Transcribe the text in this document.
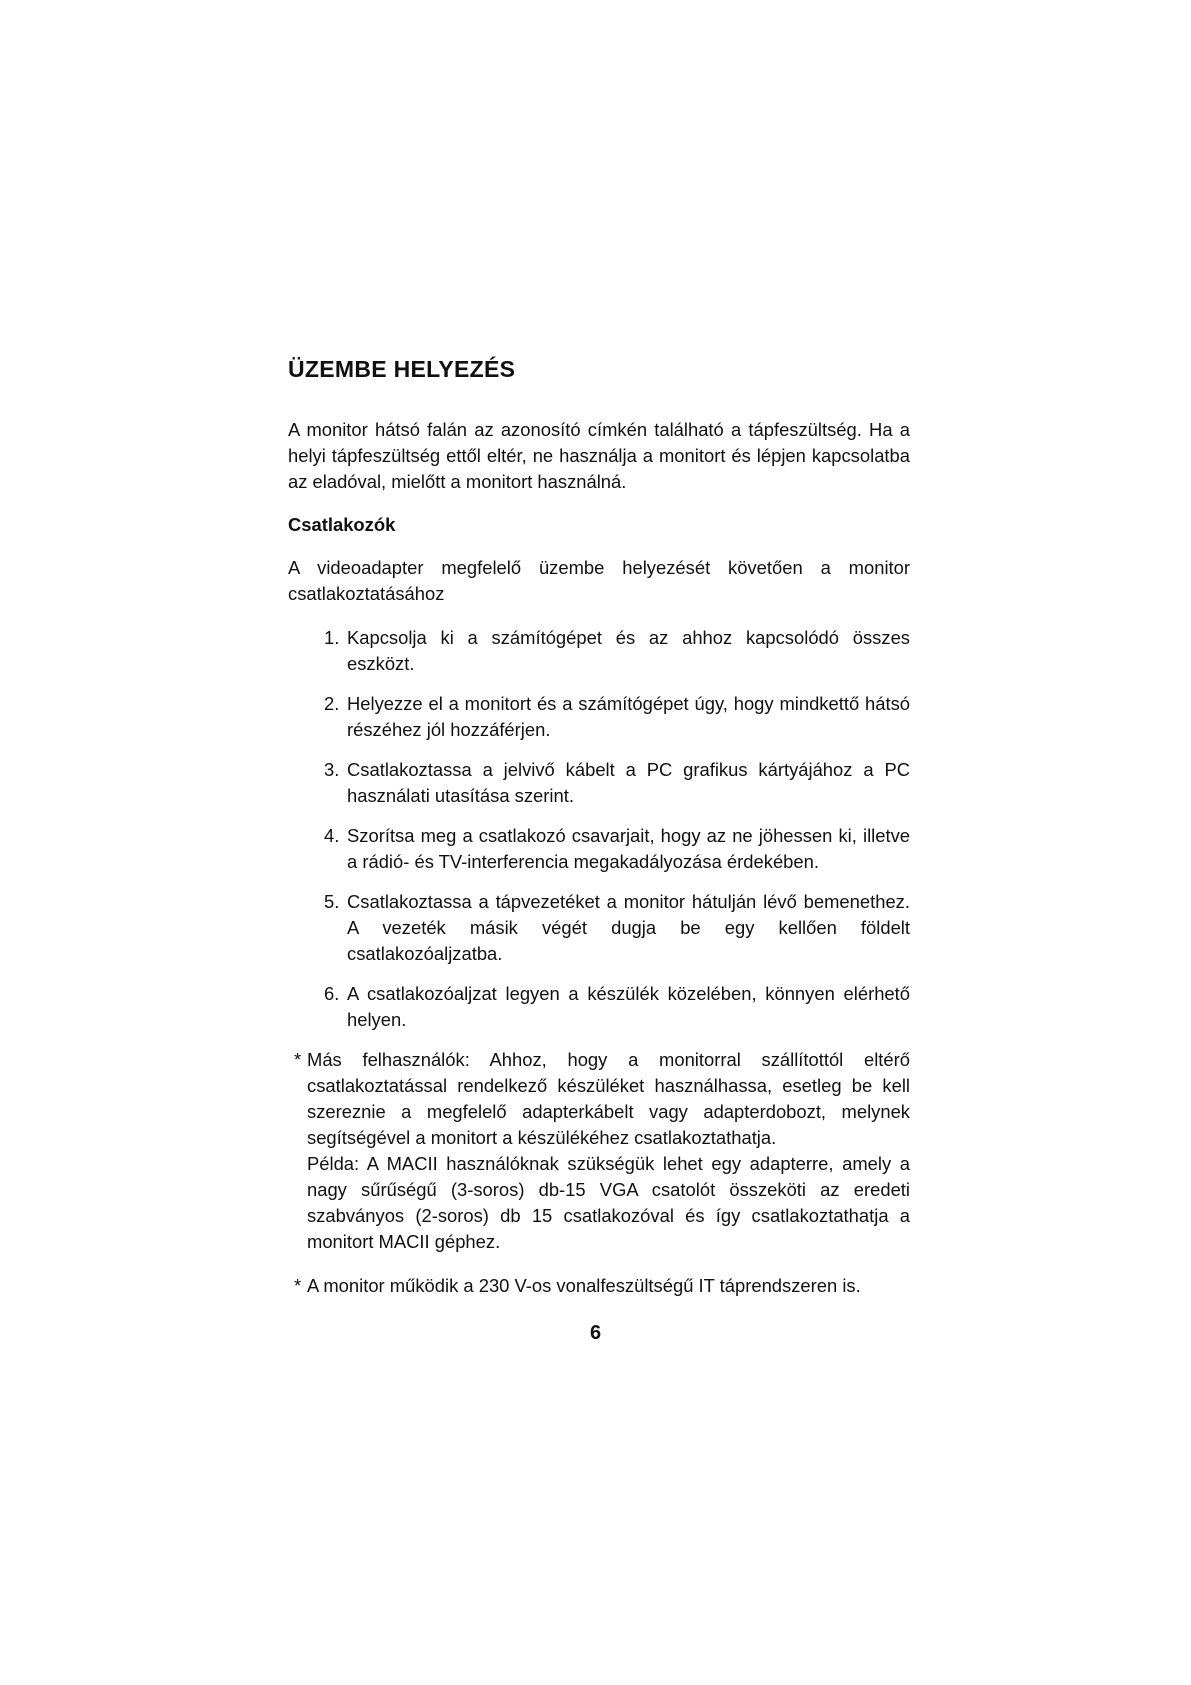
ÜZEMBE HELYEZÉS

A monitor hátsó falán az azonosító címkén található a tápfeszültség. Ha a helyi tápfeszültség ettől eltér, ne használja a monitort és lépjen kapcsolatba az eladóval, mielőtt a monitort használná.

Csatlakozók

A videoadapter megfelelő üzembe helyezését követően a monitor csatlakoztatásához

1. Kapcsolja ki a számítógépet és az ahhoz kapcsolódó összes eszközt.
2. Helyezze el a monitort és a számítógépet úgy, hogy mindkettő hátsó részéhez jól hozzáférjen.
3. Csatlakoztassa a jelvivő kábelt a PC grafikus kártyájához a PC használati utasítása szerint.
4. Szorítsa meg a csatlakozó csavarjait, hogy az ne jöhessen ki, illetve a rádió- és TV-interferencia megakadályozása érdekében.
5. Csatlakoztassa a tápvezetéket a monitor hátulján lévő bemenethez. A vezeték másik végét dugja be egy kellően földelt csatlakozóaljzatba.
6. A csatlakozóaljzat legyen a készülék közelében, könnyen elérhető helyen.
* Más felhasználók: Ahhoz, hogy a monitorral szállítottól eltérő csatlakoztatással rendelkező készüléket használhassa, esetleg be kell szereznie a megfelelő adapterkábelt vagy adapterdobozt, melynek segítségével a monitort a készülékéhez csatlakoztathatja.
Példa: A MACII használóknak szükségük lehet egy adapterre, amely a nagy sűrűségű (3-soros) db-15 VGA csatolót összeköti az eredeti szabványos (2-soros) db 15 csatlakozóval és így csatlakoztathatja a monitort MACII géphez.
* A monitor működik a 230 V-os vonalfeszültségű IT táprendszeren is.
6
